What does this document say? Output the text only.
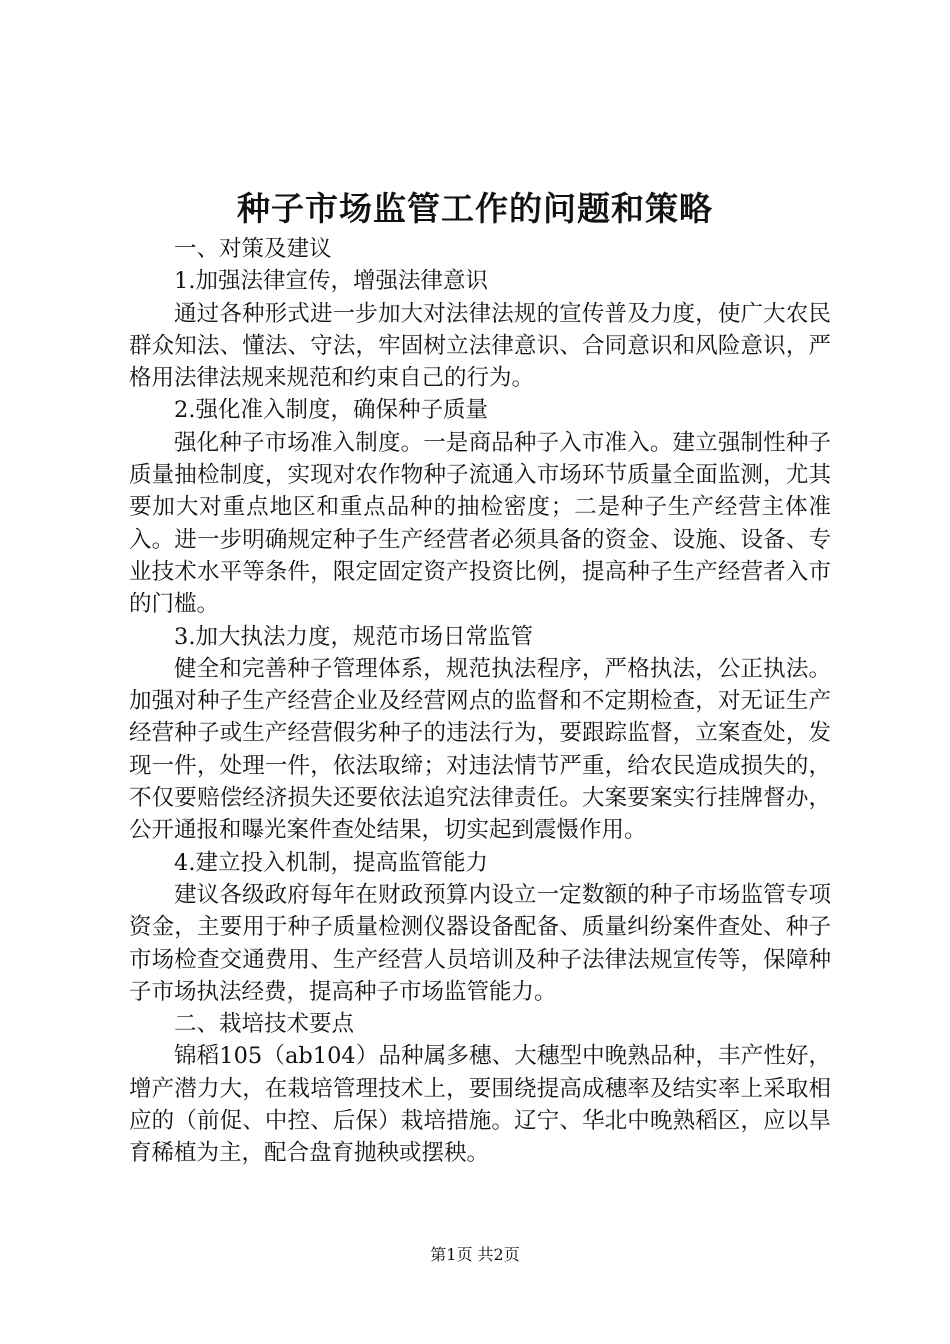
种子市场监管工作的问题和策略

一、对策及建议

1.加强法律宣传，增强法律意识

通过各种形式进一步加大对法律法规的宣传普及力度，使广大农民群众知法、懂法、守法，牢固树立法律意识、合同意识和风险意识，严格用法律法规来规范和约束自己的行为。

2.强化准入制度，确保种子质量

强化种子市场准入制度。一是商品种子入市准入。建立强制性种子质量抽检制度，实现对农作物种子流通入市场环节质量全面监测，尤其要加大对重点地区和重点品种的抽检密度；二是种子生产经营主体准入。进一步明确规定种子生产经营者必须具备的资金、设施、设备、专业技术水平等条件，限定固定资产投资比例，提高种子生产经营者入市的门槛。

3.加大执法力度，规范市场日常监管

健全和完善种子管理体系，规范执法程序，严格执法，公正执法。加强对种子生产经营企业及经营网点的监督和不定期检查，对无证生产经营种子或生产经营假劣种子的违法行为，要跟踪监督，立案查处，发现一件，处理一件，依法取缔；对违法情节严重，给农民造成损失的，不仅要赔偿经济损失还要依法追究法律责任。大案要案实行挂牌督办，公开通报和曝光案件查处结果，切实起到震慑作用。

4.建立投入机制，提高监管能力

建议各级政府每年在财政预算内设立一定数额的种子市场监管专项资金，主要用于种子质量检测仪器设备配备、质量纠纷案件查处、种子市场检查交通费用、生产经营人员培训及种子法律法规宣传等，保障种子市场执法经费，提高种子市场监管能力。

二、栽培技术要点

锦稻105（ab104）品种属多穗、大穗型中晚熟品种，丰产性好，增产潜力大，在栽培管理技术上，要围绕提高成穗率及结实率上采取相应的（前促、中控、后保）栽培措施。辽宁、华北中晚熟稻区，应以旱育稀植为主，配合盘育抛秧或摆秧。

第1页 共2页
